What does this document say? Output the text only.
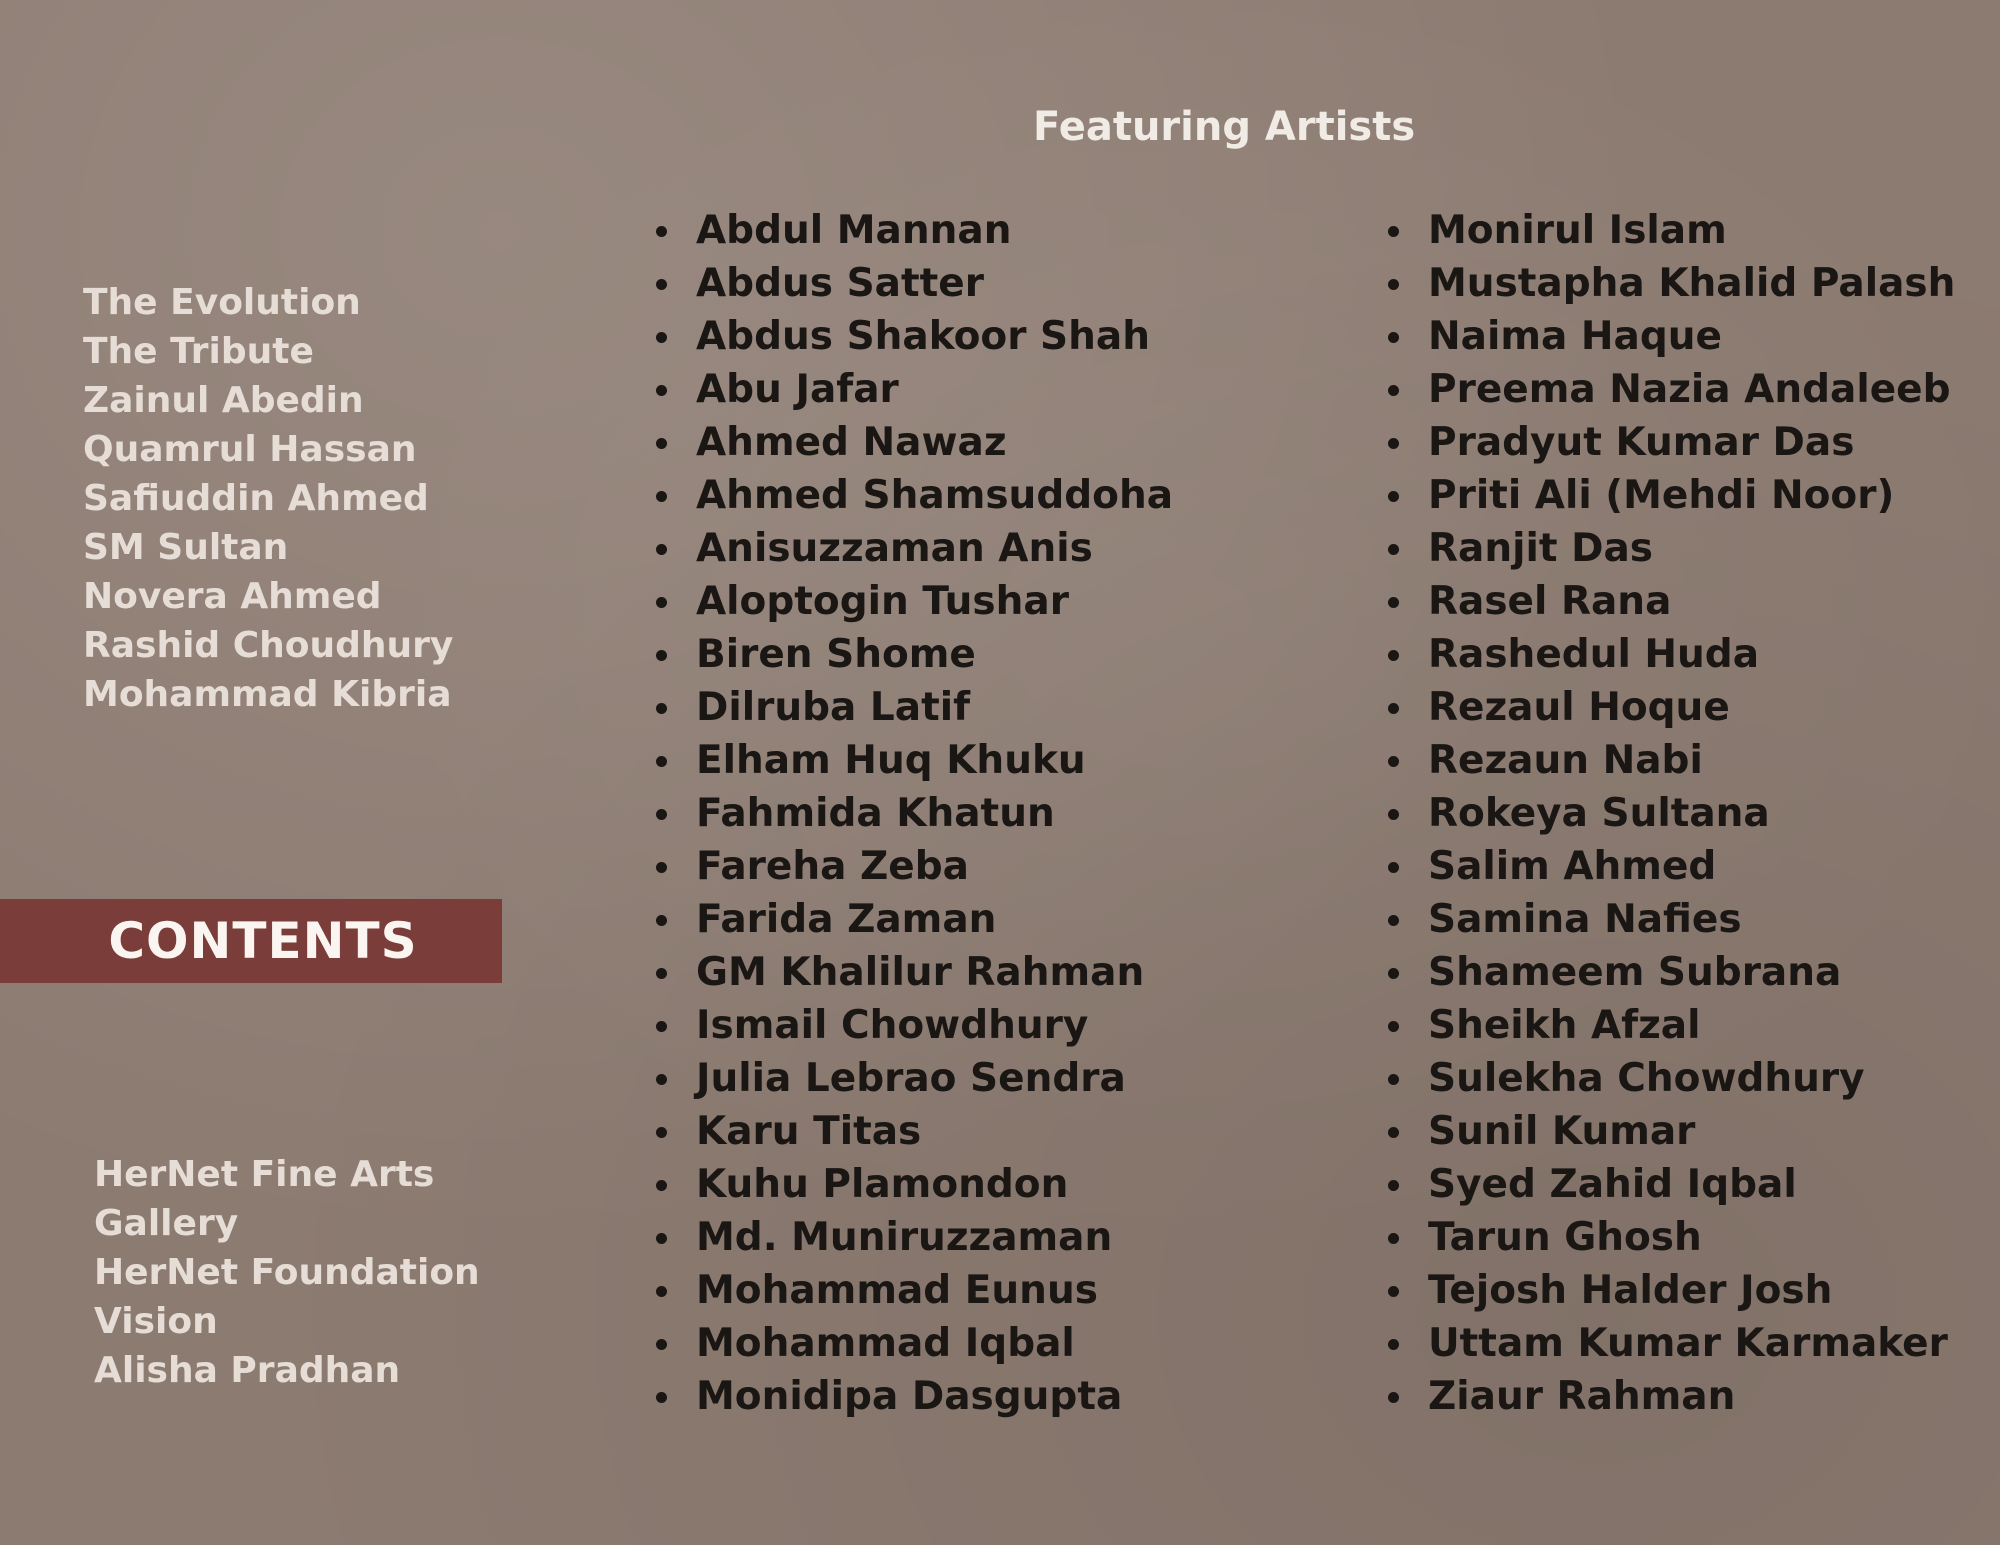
Featuring Artists
The Evolution
The Tribute
Zainul Abedin
Quamrul Hassan
Safiuddin Ahmed
SM Sultan
Novera Ahmed
Rashid Choudhury
Mohammad Kibria
CONTENTS
HerNet Fine Arts
Gallery
HerNet Foundation
Vision
Alisha Pradhan
Abdul Mannan
Abdus Satter
Abdus Shakoor Shah
Abu Jafar
Ahmed Nawaz
Ahmed Shamsuddoha
Anisuzzaman Anis
Aloptogin Tushar
Biren Shome
Dilruba Latif
Elham Huq Khuku
Fahmida Khatun
Fareha Zeba
Farida Zaman
GM Khalilur Rahman
Ismail Chowdhury
Julia Lebrao Sendra
Karu Titas
Kuhu Plamondon
Md. Muniruzzaman
Mohammad Eunus
Mohammad Iqbal
Monidipa Dasgupta
Monirul Islam
Mustapha Khalid Palash
Naima Haque
Preema Nazia Andaleeb
Pradyut Kumar Das
Priti Ali (Mehdi Noor)
Ranjit Das
Rasel Rana
Rashedul Huda
Rezaul Hoque
Rezaun Nabi
Rokeya Sultana
Salim Ahmed
Samina Nafies
Shameem Subrana
Sheikh Afzal
Sulekha Chowdhury
Sunil Kumar
Syed Zahid Iqbal
Tarun Ghosh
Tejosh Halder Josh
Uttam Kumar Karmaker
Ziaur Rahman
